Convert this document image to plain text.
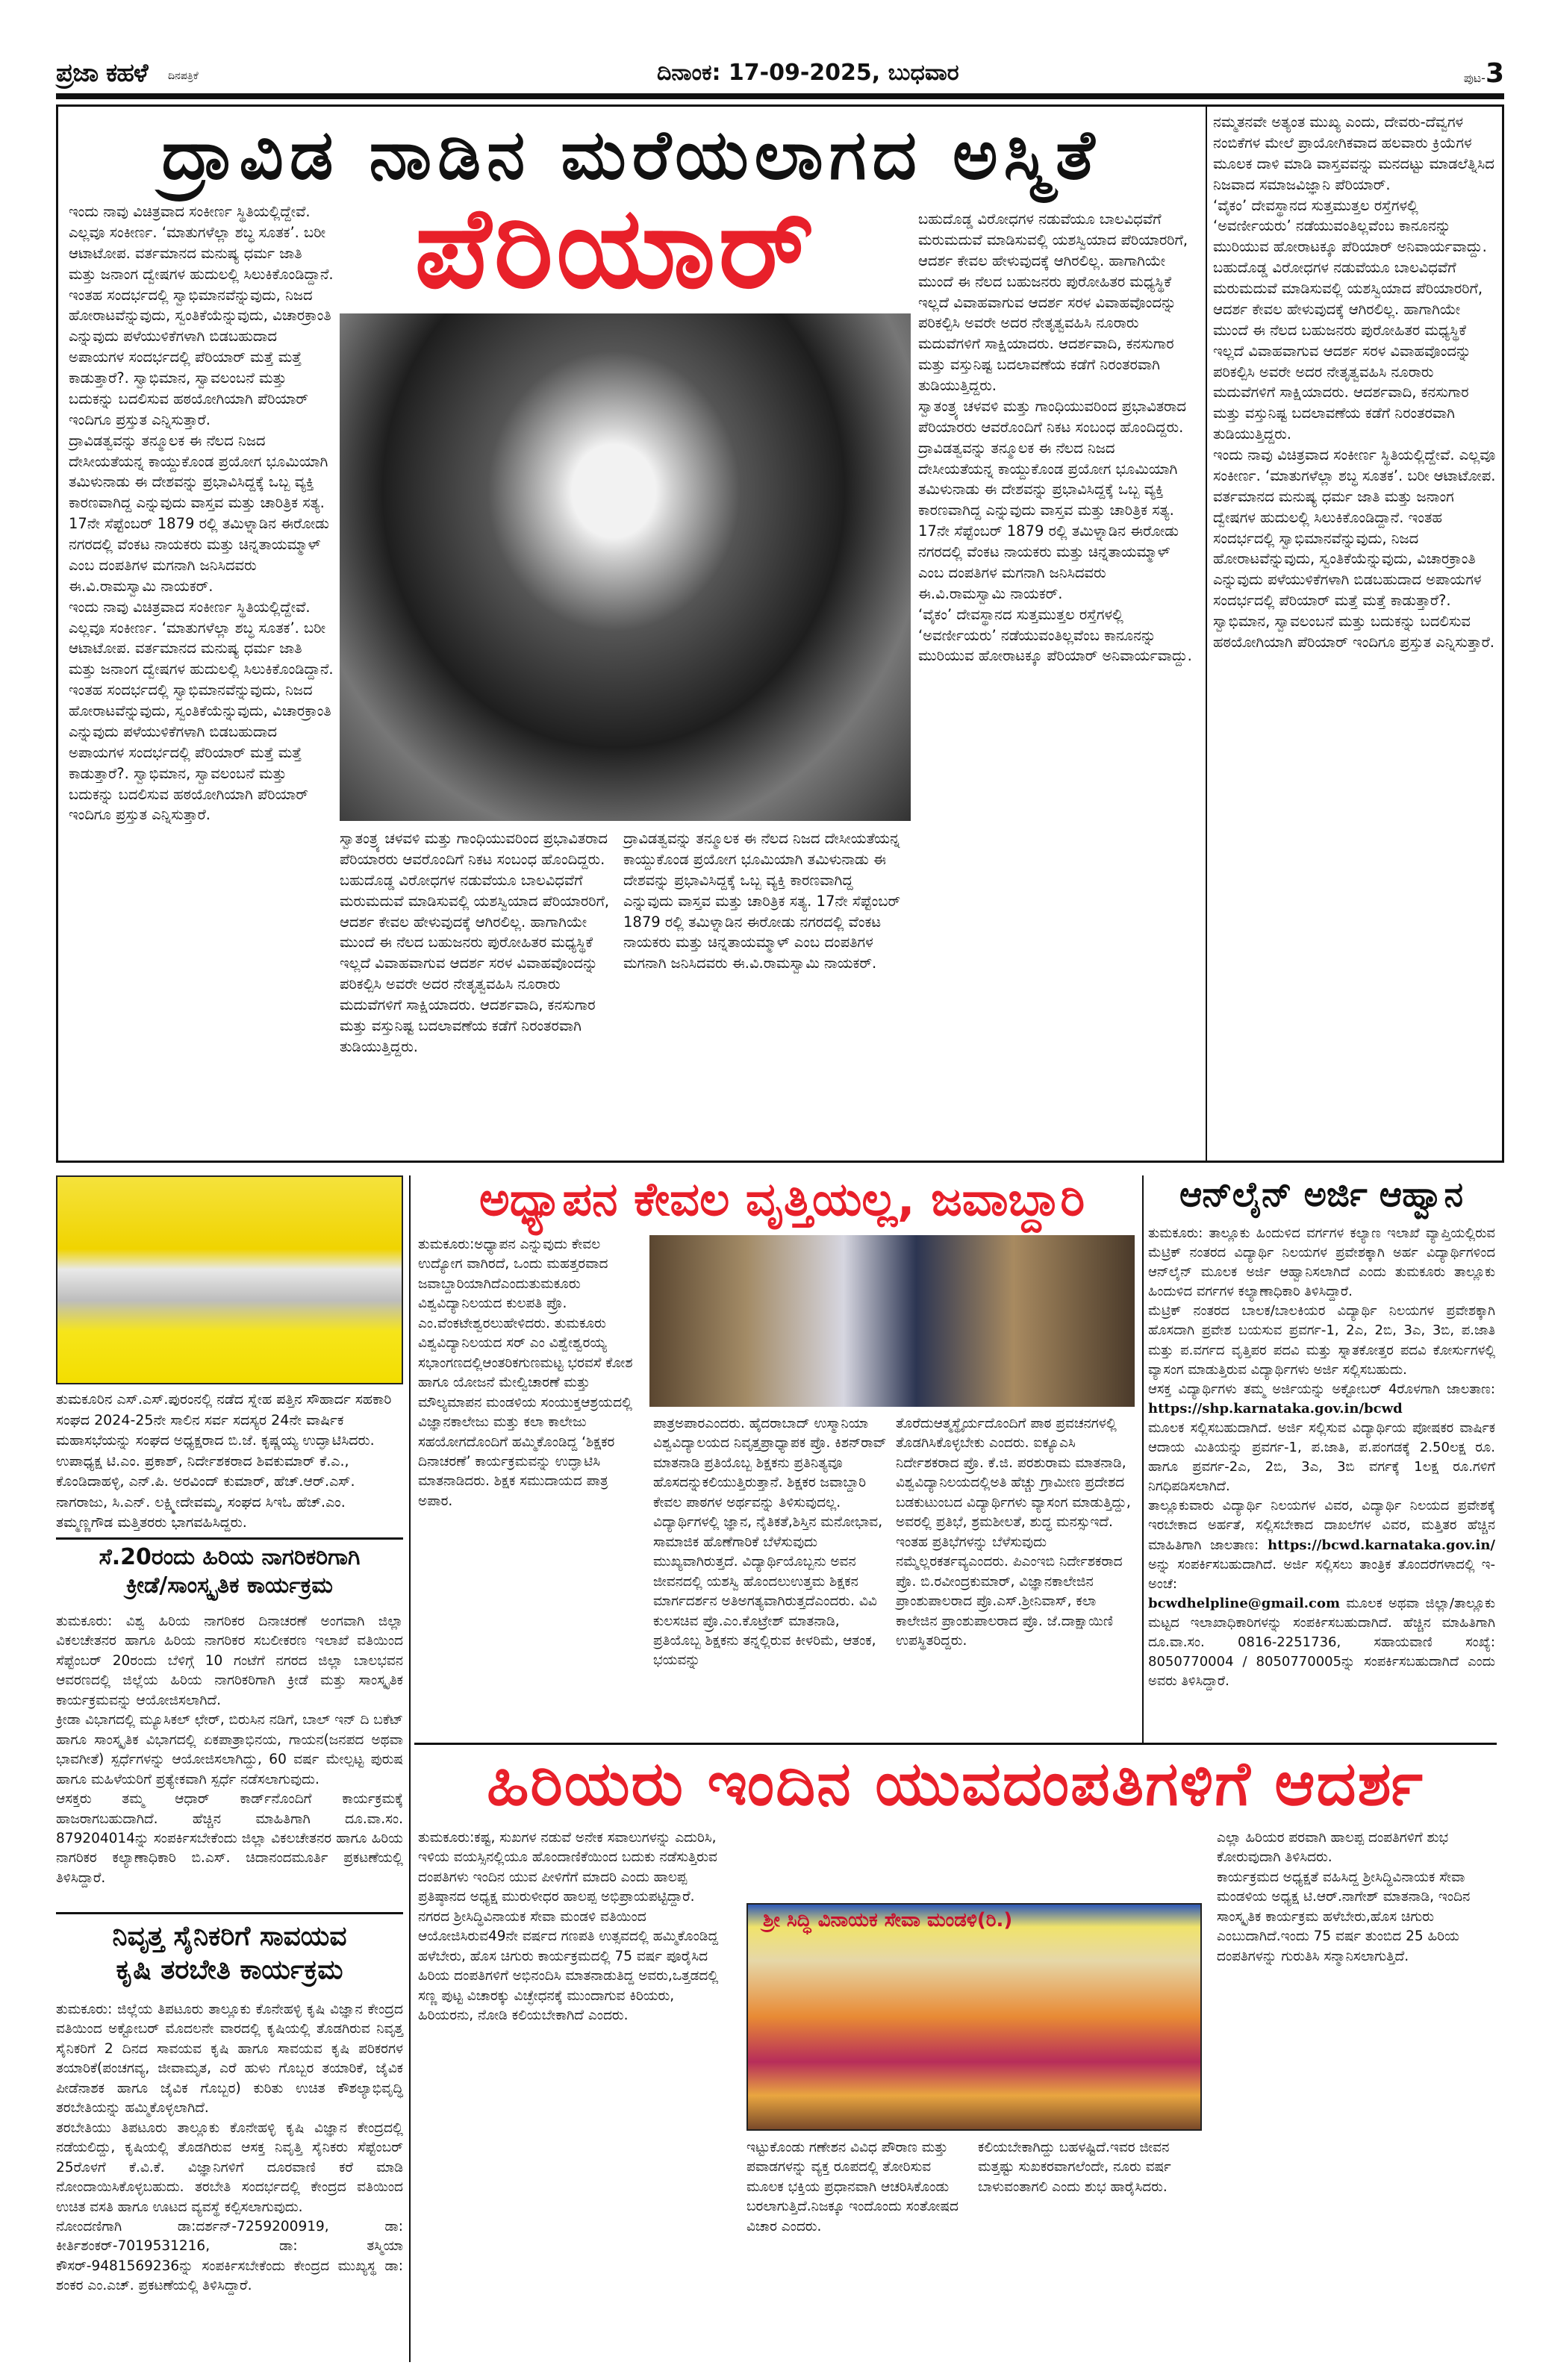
ಪ್ರಜಾ ಕಹಳೆ ದಿನಪತ್ರಿಕೆ	ದಿನಾಂಕ: 17-09-2025, ಬುಧವಾರ	ಪುಟ-3
ದ್ರಾವಿಡ ನಾಡಿನ ಮರೆಯಲಾಗದ ಅಸ್ಮಿತೆ
ಪೆರಿಯಾರ್

ಇಂದು ನಾವು ವಿಚಿತ್ರವಾದ ಸಂಕೀರ್ಣ ಸ್ಥಿತಿಯಲ್ಲಿದ್ದೇವೆ. ಎಲ್ಲವೂ ಸಂಕೀರ್ಣ. ‘ಮಾತುಗಳೆಲ್ಲಾ ಶಬ್ಧ ಸೂತಕ’. ಬರೀ ಆಟಾಟೋಪ. ವರ್ತಮಾನದ ಮನುಷ್ಯ ಧರ್ಮ ಜಾತಿ ಮತ್ತು ಜನಾಂಗ ದ್ವೇಷಗಳ ಹುದುಲಲ್ಲಿ ಸಿಲುಕಿಕೊಂಡಿದ್ದಾನೆ. ಇಂತಹ ಸಂದರ್ಭದಲ್ಲಿ ಸ್ವಾಭಿಮಾನವೆನ್ನುವುದು, ನಿಜದ ಹೋರಾಟವೆನ್ನುವುದು, ಸ್ವಂತಿಕೆಯೆನ್ನುವುದು, ವಿಚಾರಕ್ರಾಂತಿ ಎನ್ನುವುದು ಪಳೆಯುಳಿಕೆಗಳಾಗಿ ಬಿಡಬಹುದಾದ ಅಪಾಯಗಳ ಸಂದರ್ಭದಲ್ಲಿ ಪೆರಿಯಾರ್ ಮತ್ತೆ ಮತ್ತೆ ಕಾಡುತ್ತಾರೆ?. ಸ್ವಾಭಿಮಾನ, ಸ್ವಾವಲಂಬನೆ ಮತ್ತು ಬದುಕನ್ನು ಬದಲಿಸುವ ಹಠಯೋಗಿಯಾಗಿ ಪೆರಿಯಾರ್ ಇಂದಿಗೂ ಪ್ರಸ್ತುತ ಎನ್ನಿಸುತ್ತಾರೆ.

ದ್ರಾವಿಡತ್ವವನ್ನು ತನ್ಮೂಲಕ ಈ ನೆಲದ ನಿಜದ ದೇಸೀಯತೆಯನ್ನ ಕಾಯ್ದುಕೊಂಡ ಪ್ರಯೋಗ ಭೂಮಿಯಾಗಿ ತಮಿಳುನಾಡು ಈ ದೇಶವನ್ನು ಪ್ರಭಾವಿಸಿದ್ದಕ್ಕೆ ಒಬ್ಬ ವ್ಯಕ್ತಿ ಕಾರಣವಾಗಿದ್ದ ಎನ್ನುವುದು ವಾಸ್ತವ ಮತ್ತು ಚಾರಿತ್ರಿಕ ಸತ್ಯ. 17ನೇ ಸೆಪ್ಟೆಂಬರ್ 1879 ರಲ್ಲಿ ತಮಿಳ್ನಾಡಿನ ಈರೋಡು ನಗರದಲ್ಲಿ ವೆಂಕಟ ನಾಯಕರು ಮತ್ತು ಚಿನ್ನತಾಯಮ್ಮಾಳ್ ಎಂಬ ದಂಪತಿಗಳ ಮಗನಾಗಿ ಜನಿಸಿದವರು ಈ.ವಿ.ರಾಮಸ್ವಾಮಿ ನಾಯಕರ್.

ಇಂದು ನಾವು ವಿಚಿತ್ರವಾದ ಸಂಕೀರ್ಣ ಸ್ಥಿತಿಯಲ್ಲಿದ್ದೇವೆ. ಎಲ್ಲವೂ ಸಂಕೀರ್ಣ. ‘ಮಾತುಗಳೆಲ್ಲಾ ಶಬ್ಧ ಸೂತಕ’. ಬರೀ ಆಟಾಟೋಪ. ವರ್ತಮಾನದ ಮನುಷ್ಯ ಧರ್ಮ ಜಾತಿ ಮತ್ತು ಜನಾಂಗ ದ್ವೇಷಗಳ ಹುದುಲಲ್ಲಿ ಸಿಲುಕಿಕೊಂಡಿದ್ದಾನೆ. ಇಂತಹ ಸಂದರ್ಭದಲ್ಲಿ ಸ್ವಾಭಿಮಾನವೆನ್ನುವುದು, ನಿಜದ ಹೋರಾಟವೆನ್ನುವುದು, ಸ್ವಂತಿಕೆಯೆನ್ನುವುದು, ವಿಚಾರಕ್ರಾಂತಿ ಎನ್ನುವುದು ಪಳೆಯುಳಿಕೆಗಳಾಗಿ ಬಿಡಬಹುದಾದ ಅಪಾಯಗಳ ಸಂದರ್ಭದಲ್ಲಿ ಪೆರಿಯಾರ್ ಮತ್ತೆ ಮತ್ತೆ ಕಾಡುತ್ತಾರೆ?. ಸ್ವಾಭಿಮಾನ, ಸ್ವಾವಲಂಬನೆ ಮತ್ತು ಬದುಕನ್ನು ಬದಲಿಸುವ ಹಠಯೋಗಿಯಾಗಿ ಪೆರಿಯಾರ್ ಇಂದಿಗೂ ಪ್ರಸ್ತುತ ಎನ್ನಿಸುತ್ತಾರೆ.

ಸ್ವಾತಂತ್ರ್ಯ ಚಳವಳಿ ಮತ್ತು ಗಾಂಧಿಯುವರಿಂದ ಪ್ರಭಾವಿತರಾದ ಪೆರಿಯಾರರು ಆವರೊಂದಿಗೆ ನಿಕಟ ಸಂಬಂಧ ಹೊಂದಿದ್ದರು.

ಬಹುದೊಡ್ಡ ವಿರೋಧಗಳ ನಡುವೆಯೂ ಬಾಲವಿಧವೆಗೆ ಮರುಮದುವೆ ಮಾಡಿಸುವಲ್ಲಿ ಯಶಸ್ವಿಯಾದ ಪೆರಿಯಾರರಿಗೆ, ಆದರ್ಶ ಕೇವಲ ಹೇಳುವುದಕ್ಕೆ ಆಗಿರಲಿಲ್ಲ. ಹಾಗಾಗಿಯೇ ಮುಂದೆ ಈ ನೆಲದ ಬಹುಜನರು ಪುರೋಹಿತರ ಮಧ್ಯಸ್ಥಿಕೆ ಇಲ್ಲದೆ ವಿವಾಹವಾಗುವ ಆದರ್ಶ ಸರಳ ವಿವಾಹವೊಂದನ್ನು ಪರಿಕಲ್ಪಿಸಿ ಅವರೇ ಅದರ ನೇತೃತ್ವವಹಿಸಿ ನೂರಾರು ಮದುವೆಗಳಿಗೆ ಸಾಕ್ಷಿಯಾದರು. ಆದರ್ಶವಾದಿ, ಕನಸುಗಾರ ಮತ್ತು ವಸ್ತುನಿಷ್ಟ ಬದಲಾವಣೆಯ ಕಡೆಗೆ ನಿರಂತರವಾಗಿ ತುಡಿಯುತ್ತಿದ್ದರು.

ದ್ರಾವಿಡತ್ವವನ್ನು ತನ್ಮೂಲಕ ಈ ನೆಲದ ನಿಜದ ದೇಸೀಯತೆಯನ್ನ ಕಾಯ್ದುಕೊಂಡ ಪ್ರಯೋಗ ಭೂಮಿಯಾಗಿ ತಮಿಳುನಾಡು ಈ ದೇಶವನ್ನು ಪ್ರಭಾವಿಸಿದ್ದಕ್ಕೆ ಒಬ್ಬ ವ್ಯಕ್ತಿ ಕಾರಣವಾಗಿದ್ದ ಎನ್ನುವುದು ವಾಸ್ತವ ಮತ್ತು ಚಾರಿತ್ರಿಕ ಸತ್ಯ. 17ನೇ ಸೆಪ್ಟೆಂಬರ್ 1879 ರಲ್ಲಿ ತಮಿಳ್ನಾಡಿನ ಈರೋಡು ನಗರದಲ್ಲಿ ವೆಂಕಟ ನಾಯಕರು ಮತ್ತು ಚಿನ್ನತಾಯಮ್ಮಾಳ್ ಎಂಬ ದಂಪತಿಗಳ ಮಗನಾಗಿ ಜನಿಸಿದವರು ಈ.ವಿ.ರಾಮಸ್ವಾಮಿ ನಾಯಕರ್.

ಬಹುದೊಡ್ಡ ವಿರೋಧಗಳ ನಡುವೆಯೂ ಬಾಲವಿಧವೆಗೆ ಮರುಮದುವೆ ಮಾಡಿಸುವಲ್ಲಿ ಯಶಸ್ವಿಯಾದ ಪೆರಿಯಾರರಿಗೆ, ಆದರ್ಶ ಕೇವಲ ಹೇಳುವುದಕ್ಕೆ ಆಗಿರಲಿಲ್ಲ. ಹಾಗಾಗಿಯೇ ಮುಂದೆ ಈ ನೆಲದ ಬಹುಜನರು ಪುರೋಹಿತರ ಮಧ್ಯಸ್ಥಿಕೆ ಇಲ್ಲದೆ ವಿವಾಹವಾಗುವ ಆದರ್ಶ ಸರಳ ವಿವಾಹವೊಂದನ್ನು ಪರಿಕಲ್ಪಿಸಿ ಅವರೇ ಅದರ ನೇತೃತ್ವವಹಿಸಿ ನೂರಾರು ಮದುವೆಗಳಿಗೆ ಸಾಕ್ಷಿಯಾದರು. ಆದರ್ಶವಾದಿ, ಕನಸುಗಾರ ಮತ್ತು ವಸ್ತುನಿಷ್ಟ ಬದಲಾವಣೆಯ ಕಡೆಗೆ ನಿರಂತರವಾಗಿ ತುಡಿಯುತ್ತಿದ್ದರು.

ಸ್ವಾತಂತ್ರ್ಯ ಚಳವಳಿ ಮತ್ತು ಗಾಂಧಿಯುವರಿಂದ ಪ್ರಭಾವಿತರಾದ ಪೆರಿಯಾರರು ಆವರೊಂದಿಗೆ ನಿಕಟ ಸಂಬಂಧ ಹೊಂದಿದ್ದರು.

ದ್ರಾವಿಡತ್ವವನ್ನು ತನ್ಮೂಲಕ ಈ ನೆಲದ ನಿಜದ ದೇಸೀಯತೆಯನ್ನ ಕಾಯ್ದುಕೊಂಡ ಪ್ರಯೋಗ ಭೂಮಿಯಾಗಿ ತಮಿಳುನಾಡು ಈ ದೇಶವನ್ನು ಪ್ರಭಾವಿಸಿದ್ದಕ್ಕೆ ಒಬ್ಬ ವ್ಯಕ್ತಿ ಕಾರಣವಾಗಿದ್ದ ಎನ್ನುವುದು ವಾಸ್ತವ ಮತ್ತು ಚಾರಿತ್ರಿಕ ಸತ್ಯ. 17ನೇ ಸೆಪ್ಟೆಂಬರ್ 1879 ರಲ್ಲಿ ತಮಿಳ್ನಾಡಿನ ಈರೋಡು ನಗರದಲ್ಲಿ ವೆಂಕಟ ನಾಯಕರು ಮತ್ತು ಚಿನ್ನತಾಯಮ್ಮಾಳ್ ಎಂಬ ದಂಪತಿಗಳ ಮಗನಾಗಿ ಜನಿಸಿದವರು ಈ.ವಿ.ರಾಮಸ್ವಾಮಿ ನಾಯಕರ್.

‘ವೈಕಂ’ ದೇವಸ್ಥಾನದ ಸುತ್ತಮುತ್ತಲ ರಸ್ತೆಗಳಲ್ಲಿ ‘ಅವರ್ಣೀಯರು’ ನಡೆಯುವಂತಿಲ್ಲವೆಂಬ ಕಾನೂನನ್ನು ಮುರಿಯುವ ಹೋರಾಟಕ್ಕೂ ಪೆರಿಯಾರ್ ಅನಿವಾರ್ಯವಾದ್ದು.

ನಮ್ಮತನವೇ ಅತ್ಯಂತ ಮುಖ್ಯ ಎಂದು, ದೇವರು-ದೆವ್ವಗಳ ನಂಬಿಕೆಗಳ ಮೇಲೆ ಪ್ರಾಯೋಗಿಕವಾದ ಹಲವಾರು ಕ್ರಿಯೆಗಳ ಮೂಲಕ ದಾಳಿ ಮಾಡಿ ವಾಸ್ತವವನ್ನು ಮನದಟ್ಟು ಮಾಡಲೆತ್ನಿಸಿದ ನಿಜವಾದ ಸಮಾಜವಿಜ್ಞಾನಿ ಪೆರಿಯಾರ್.

‘ವೈಕಂ’ ದೇವಸ್ಥಾನದ ಸುತ್ತಮುತ್ತಲ ರಸ್ತೆಗಳಲ್ಲಿ ‘ಅವರ್ಣೀಯರು’ ನಡೆಯುವಂತಿಲ್ಲವೆಂಬ ಕಾನೂನನ್ನು ಮುರಿಯುವ ಹೋರಾಟಕ್ಕೂ ಪೆರಿಯಾರ್ ಅನಿವಾರ್ಯವಾದ್ದು.

ಬಹುದೊಡ್ಡ ವಿರೋಧಗಳ ನಡುವೆಯೂ ಬಾಲವಿಧವೆಗೆ ಮರುಮದುವೆ ಮಾಡಿಸುವಲ್ಲಿ ಯಶಸ್ವಿಯಾದ ಪೆರಿಯಾರರಿಗೆ, ಆದರ್ಶ ಕೇವಲ ಹೇಳುವುದಕ್ಕೆ ಆಗಿರಲಿಲ್ಲ. ಹಾಗಾಗಿಯೇ ಮುಂದೆ ಈ ನೆಲದ ಬಹುಜನರು ಪುರೋಹಿತರ ಮಧ್ಯಸ್ಥಿಕೆ ಇಲ್ಲದೆ ವಿವಾಹವಾಗುವ ಆದರ್ಶ ಸರಳ ವಿವಾಹವೊಂದನ್ನು ಪರಿಕಲ್ಪಿಸಿ ಅವರೇ ಅದರ ನೇತೃತ್ವವಹಿಸಿ ನೂರಾರು ಮದುವೆಗಳಿಗೆ ಸಾಕ್ಷಿಯಾದರು. ಆದರ್ಶವಾದಿ, ಕನಸುಗಾರ ಮತ್ತು ವಸ್ತುನಿಷ್ಟ ಬದಲಾವಣೆಯ ಕಡೆಗೆ ನಿರಂತರವಾಗಿ ತುಡಿಯುತ್ತಿದ್ದರು.

ಇಂದು ನಾವು ವಿಚಿತ್ರವಾದ ಸಂಕೀರ್ಣ ಸ್ಥಿತಿಯಲ್ಲಿದ್ದೇವೆ. ಎಲ್ಲವೂ ಸಂಕೀರ್ಣ. ‘ಮಾತುಗಳೆಲ್ಲಾ ಶಬ್ಧ ಸೂತಕ’. ಬರೀ ಆಟಾಟೋಪ. ವರ್ತಮಾನದ ಮನುಷ್ಯ ಧರ್ಮ ಜಾತಿ ಮತ್ತು ಜನಾಂಗ ದ್ವೇಷಗಳ ಹುದುಲಲ್ಲಿ ಸಿಲುಕಿಕೊಂಡಿದ್ದಾನೆ. ಇಂತಹ ಸಂದರ್ಭದಲ್ಲಿ ಸ್ವಾಭಿಮಾನವೆನ್ನುವುದು, ನಿಜದ ಹೋರಾಟವೆನ್ನುವುದು, ಸ್ವಂತಿಕೆಯೆನ್ನುವುದು, ವಿಚಾರಕ್ರಾಂತಿ ಎನ್ನುವುದು ಪಳೆಯುಳಿಕೆಗಳಾಗಿ ಬಿಡಬಹುದಾದ ಅಪಾಯಗಳ ಸಂದರ್ಭದಲ್ಲಿ ಪೆರಿಯಾರ್ ಮತ್ತೆ ಮತ್ತೆ ಕಾಡುತ್ತಾರೆ?. ಸ್ವಾಭಿಮಾನ, ಸ್ವಾವಲಂಬನೆ ಮತ್ತು ಬದುಕನ್ನು ಬದಲಿಸುವ ಹಠಯೋಗಿಯಾಗಿ ಪೆರಿಯಾರ್ ಇಂದಿಗೂ ಪ್ರಸ್ತುತ ಎನ್ನಿಸುತ್ತಾರೆ.

ತುಮಕೂರಿನ ಎಸ್.ಎಸ್.ಪುರಂನಲ್ಲಿ ನಡೆದ ಸ್ನೇಹ ಪತ್ತಿನ ಸೌಹಾರ್ದ ಸಹಕಾರಿ ಸಂಘದ 2024-25ನೇ ಸಾಲಿನ ಸರ್ವ ಸದಸ್ಯರ 24ನೇ ವಾರ್ಷಿಕ ಮಹಾಸಭೆಯನ್ನು ಸಂಘದ ಅಧ್ಯಕ್ಷರಾದ ಬಿ.ಜೆ. ಕೃಷ್ಣಯ್ಯ ಉದ್ಘಾಟಿಸಿದರು. ಉಪಾಧ್ಯಕ್ಷ ಟಿ.ಎಂ. ಪ್ರಕಾಶ್, ನಿರ್ದೇಶಕರಾದ ಶಿವಕುಮಾರ್ ಕೆ.ಎ., ಕೊಂಡಿದಾಹಳ್ಳಿ, ಎನ್.ಪಿ. ಅರವಿಂದ್ ಕುಮಾರ್, ಹೆಚ್.ಆರ್.ಎಸ್. ನಾಗರಾಜು, ಸಿ.ಎನ್. ಲಕ್ಷ್ಮೀದೇವಮ್ಮ, ಸಂಘದ ಸಿಇಓ ಹೆಚ್.ಎಂ. ತಮ್ಮಣ್ಣಗೌಡ ಮತ್ತಿತರರು ಭಾಗವಹಿಸಿದ್ದರು.
ಸೆ.20ರಂದು ಹಿರಿಯ ನಾಗರಿಕರಿಗಾಗಿ
ಕ್ರೀಡೆ/ಸಾಂಸ್ಕೃತಿಕ ಕಾರ್ಯಕ್ರಮ

ತುಮಕೂರು: ವಿಶ್ವ ಹಿರಿಯ ನಾಗರಿಕರ ದಿನಾಚರಣೆ ಅಂಗವಾಗಿ ಜಿಲ್ಲಾ ವಿಕಲಚೇತನರ ಹಾಗೂ ಹಿರಿಯ ನಾಗರಿಕರ ಸಬಲೀಕರಣ ಇಲಾಖೆ ವತಿಯಿಂದ ಸೆಪ್ಟೆಂಬರ್ 20ರಂದು ಬೆಳಿಗ್ಗೆ 10 ಗಂಟೆಗೆ ನಗರದ ಜಿಲ್ಲಾ ಬಾಲಭವನ ಆವರಣದಲ್ಲಿ ಜಿಲ್ಲೆಯ ಹಿರಿಯ ನಾಗರಿಕರಿಗಾಗಿ ಕ್ರೀಡೆ ಮತ್ತು ಸಾಂಸ್ಕೃತಿಕ ಕಾರ್ಯಕ್ರಮವನ್ನು ಆಯೋಜಿಸಲಾಗಿದೆ.

ಕ್ರೀಡಾ ವಿಭಾಗದಲ್ಲಿ ಮ್ಯೂಸಿಕಲ್ ಛೇರ್, ಬಿರುಸಿನ ನಡಿಗೆ, ಬಾಲ್ ಇನ್ ದಿ ಬಕೆಟ್ ಹಾಗೂ ಸಾಂಸ್ಕೃತಿಕ ವಿಭಾಗದಲ್ಲಿ ಏಕಪಾತ್ರಾಭಿನಯ, ಗಾಯನ(ಜನಪದ ಅಥವಾ ಭಾವಗೀತೆ) ಸ್ಪರ್ಧೆಗಳನ್ನು ಆಯೋಜಿಸಲಾಗಿದ್ದು, 60 ವರ್ಷ ಮೇಲ್ಪಟ್ಟ ಪುರುಷ ಹಾಗೂ ಮಹಿಳೆಯರಿಗೆ ಪ್ರತ್ಯೇಕವಾಗಿ ಸ್ಪರ್ಧೆ ನಡೆಸಲಾಗುವುದು.

ಆಸಕ್ತರು ತಮ್ಮ ಆಧಾರ್ ಕಾರ್ಡ್‌ನೊಂದಿಗೆ ಕಾರ್ಯಕ್ರಮಕ್ಕೆ ಹಾಜರಾಗಬಹುದಾಗಿದೆ. ಹೆಚ್ಚಿನ ಮಾಹಿತಿಗಾಗಿ ದೂ.ವಾ.ಸಂ. 879204014ನ್ನು ಸಂಪರ್ಕಿಸಬೇಕೆಂದು ಜಿಲ್ಲಾ ವಿಕಲಚೇತನರ ಹಾಗೂ ಹಿರಿಯ ನಾಗರಿಕರ ಕಲ್ಯಾಣಾಧಿಕಾರಿ ಬಿ.ಎಸ್. ಚಿದಾನಂದಮೂರ್ತಿ ಪ್ರಕಟಣೆಯಲ್ಲಿ ತಿಳಿಸಿದ್ದಾರೆ.

ನಿವೃತ್ತ ಸೈನಿಕರಿಗೆ ಸಾವಯವ
ಕೃಷಿ ತರಬೇತಿ ಕಾರ್ಯಕ್ರಮ

ತುಮಕೂರು: ಜಿಲ್ಲೆಯ ತಿಪಟೂರು ತಾಲ್ಲೂಕು ಕೊನೇಹಳ್ಳಿ ಕೃಷಿ ವಿಜ್ಞಾನ ಕೇಂದ್ರದ ವತಿಯಿಂದ ಅಕ್ಟೋಬರ್ ಮೊದಲನೇ ವಾರದಲ್ಲಿ ಕೃಷಿಯಲ್ಲಿ ತೊಡಗಿರುವ ನಿವೃತ್ತ ಸೈನಿಕರಿಗೆ 2 ದಿನದ ಸಾವಯವ ಕೃಷಿ ಹಾಗೂ ಸಾವಯವ ಕೃಷಿ ಪರಿಕರಗಳ ತಯಾರಿಕೆ(ಪಂಚಗವ್ಯ, ಜೀವಾಮೃತ, ಎರೆ ಹುಳು ಗೊಬ್ಬರ ತಯಾರಿಕೆ, ಜೈವಿಕ ಪೀಡೆನಾಶಕ ಹಾಗೂ ಜೈವಿಕ ಗೊಬ್ಬರ) ಕುರಿತು ಉಚಿತ ಕೌಶಲ್ಯಾಭಿವೃದ್ಧಿ ತರಬೇತಿಯನ್ನು ಹಮ್ಮಿಕೊಳ್ಳಲಾಗಿದೆ.

ತರಬೇತಿಯು ತಿಪಟೂರು ತಾಲ್ಲೂಕು ಕೊನೇಹಳ್ಳಿ ಕೃಷಿ ವಿಜ್ಞಾನ ಕೇಂದ್ರದಲ್ಲಿ ನಡೆಯಲಿದ್ದು, ಕೃಷಿಯಲ್ಲಿ ತೊಡಗಿರುವ ಆಸಕ್ತ ನಿವೃತ್ತಿ ಸೈನಿಕರು ಸೆಪ್ಟೆಂಬರ್ 25ರೊಳಗೆ ಕೆ.ವಿ.ಕೆ. ವಿಜ್ಞಾನಿಗಳಿಗೆ ದೂರವಾಣಿ ಕರೆ ಮಾಡಿ ನೋಂದಾಯಿಸಿಕೊಳ್ಳಬಹುದು. ತರಬೇತಿ ಸಂದರ್ಭದಲ್ಲಿ ಕೇಂದ್ರದ ವತಿಯಿಂದ ಉಚಿತ ವಸತಿ ಹಾಗೂ ಊಟದ ವ್ಯವಸ್ಥೆ ಕಲ್ಪಿಸಲಾಗುವುದು.

ನೋಂದಣಿಗಾಗಿ ಡಾ:ದರ್ಶನ್-7259200919, ಡಾ: ಕೀರ್ತಿಶಂಕರ್-7019531216, ಡಾ: ತಸ್ಮಿಯಾ ಕೌಸರ್-9481569236ನ್ನು ಸಂಪರ್ಕಿಸಬೇಕೆಂದು ಕೇಂದ್ರದ ಮುಖ್ಯಸ್ಥ ಡಾ: ಶಂಕರ ಎಂ.ಎಚ್. ಪ್ರಕಟಣೆಯಲ್ಲಿ ತಿಳಿಸಿದ್ದಾರೆ.

ಅಧ್ಯಾಪನ ಕೇವಲ ವೃತ್ತಿಯಲ್ಲ, ಜವಾಬ್ದಾರಿ
ತುಮಕೂರು:ಅಧ್ಯಾಪನ ಎನ್ನುವುದು ಕೇವಲ ಉದ್ಯೋಗ ವಾಗಿರದೆ, ಒಂದು ಮಹತ್ತರವಾದ ಜವಾಬ್ದಾರಿಯಾಗಿದೆಎಂದುತುಮಕೂರು ವಿಶ್ವವಿದ್ಯಾನಿಲಯದ ಕುಲಪತಿ ಪ್ರೊ. ಎಂ.ವೆಂಕಟೇಶ್ವರಲುಹೇಳಿದರು. ತುಮಕೂರು ವಿಶ್ವವಿದ್ಯಾನಿಲಯದ ಸರ್ ಎಂ ವಿಶ್ವೇಶ್ವರಯ್ಯ ಸಭಾಂಗಣದಲ್ಲಿಆಂತರಿಕಗುಣಮಟ್ಟ ಭರವಸೆ ಕೋಶ ಹಾಗೂ ಯೋಜನೆ ಮೇಲ್ವಿಚಾರಣೆ ಮತ್ತು ಮೌಲ್ಯಮಾಪನ ಮಂಡಳಿಯ ಸಂಯುಕ್ತಆಶ್ರಯದಲ್ಲಿ ವಿಜ್ಞಾನಕಾಲೇಜು ಮತ್ತು ಕಲಾ ಕಾಲೇಜು ಸಹಯೋಗದೊಂದಿಗೆ ಹಮ್ಮಿಕೊಂಡಿದ್ದ ‘ಶಿಕ್ಷಕರ ದಿನಾಚರಣೆ’ ಕಾರ್ಯಕ್ರಮವನ್ನು ಉದ್ಘಾಟಿಸಿ ಮಾತನಾಡಿದರು. ಶಿಕ್ಷಕ ಸಮುದಾಯದ ಪಾತ್ರ ಅಪಾರ.
ಪಾತ್ರಅಪಾರಎಂದರು. ಹೈದರಾಬಾದ್ ಉಸ್ಮಾನಿಯಾ ವಿಶ್ವವಿದ್ಯಾಲಯದ ನಿವೃತ್ತಪ್ರಾಧ್ಯಾಪಕ ಪ್ರೊ. ಕಿಶನ್‌ರಾವ್ ಮಾತನಾಡಿ ಪ್ರತಿಯೊಬ್ಬ ಶಿಕ್ಷಕನು ಪ್ರತಿನಿತ್ಯವೂ ಹೊಸದನ್ನುಕಲಿಯುತ್ತಿರುತ್ತಾನೆ. ಶಿಕ್ಷಕರ ಜವಾಬ್ದಾರಿ ಕೇವಲ ಪಾಠಗಳ ಅರ್ಥವನ್ನು ತಿಳಿಸುವುದಲ್ಲ. ವಿದ್ಯಾರ್ಥಿಗಳಲ್ಲಿ ಜ್ಞಾನ, ನೈತಿಕತೆ,ಶಿಸ್ತಿನ ಮನೋಭಾವ, ಸಾಮಾಜಿಕ ಹೊಣೆಗಾರಿಕೆ ಬೆಳೆಸುವುದು ಮುಖ್ಯವಾಗಿರುತ್ತದೆ. ವಿದ್ಯಾರ್ಥಿಯೊಬ್ಬನು ಅವನ ಜೀವನದಲ್ಲಿ ಯಶಸ್ವಿ ಹೊಂದಲುಉತ್ತಮ ಶಿಕ್ಷಕನ ಮಾರ್ಗದರ್ಶನ ಅತಿಅಗತ್ಯವಾಗಿರುತ್ತದೆಎಂದರು. ವಿವಿ ಕುಲಸಚಿವ ಪ್ರೊ.ಎಂ.ಕೊಟ್ರೇಶ್ ಮಾತನಾಡಿ, ಪ್ರತಿಯೊಬ್ಬ ಶಿಕ್ಷಕನು ತನ್ನಲ್ಲಿರುವ ಕೀಳರಿಮೆ, ಆತಂಕ, ಭಯವನ್ನು
ತೊರೆದುಆತ್ಮಸ್ಥೈರ್ಯದೊಂದಿಗೆ ಪಾಠ ಪ್ರವಚನಗಳಲ್ಲಿ ತೊಡಗಿಸಿಕೊಳ್ಳಬೇಕು ಎಂದರು. ಐಕ್ಯೂಎಸಿ ನಿರ್ದೇಶಕರಾದ ಪ್ರೊ. ಕೆ.ಜಿ. ಪರಶುರಾಮ ಮಾತನಾಡಿ, ವಿಶ್ವವಿದ್ಯಾನಿಲಯದಲ್ಲಿಅತಿ ಹೆಚ್ಚು ಗ್ರಾಮೀಣ ಪ್ರದೇಶದ ಬಡಕುಟುಂಬದ ವಿದ್ಯಾರ್ಥಿಗಳು ವ್ಯಾಸಂಗ ಮಾಡುತ್ತಿದ್ದು, ಅವರಲ್ಲಿ ಪ್ರತಿಭೆ, ಶ್ರಮಶೀಲತೆ, ಶುದ್ಧ ಮನಸ್ಸುಇದೆ. ಇಂತಹ ಪ್ರತಿಭೆಗಳನ್ನು ಬೆಳೆಸುವುದು ನಮ್ಮೆಲ್ಲರಕರ್ತವ್ಯಎಂದರು. ಪಿಎಂಇಬಿ ನಿರ್ದೇಶಕರಾದ ಪ್ರೊ. ಬಿ.ರವೀಂದ್ರಕುಮಾರ್, ವಿಜ್ಞಾನಕಾಲೇಜಿನ ಪ್ರಾಂಶುಪಾಲರಾದ ಪ್ರೊ.ಎಸ್.ಶ್ರೀನಿವಾಸ್, ಕಲಾ ಕಾಲೇಜಿನ ಪ್ರಾಂಶುಪಾಲರಾದ ಪ್ರೊ. ಜೆ.ದಾಕ್ಷಾಯಿಣಿ ಉಪಸ್ಥಿತರಿದ್ದರು.
ಆನ್‌ಲೈನ್ ಅರ್ಜಿ ಆಹ್ವಾನ

ತುಮಕೂರು: ತಾಲ್ಲೂಕು ಹಿಂದುಳಿದ ವರ್ಗಗಳ ಕಲ್ಯಾಣ ಇಲಾಖೆ ವ್ಯಾಪ್ತಿಯಲ್ಲಿರುವ ಮೆಟ್ರಿಕ್ ನಂತರದ ವಿದ್ಯಾರ್ಥಿ ನಿಲಯಗಳ ಪ್ರವೇಶಕ್ಕಾಗಿ ಅರ್ಹ ವಿದ್ಯಾರ್ಥಿಗಳಿಂದ ಆನ್‌ಲೈನ್ ಮೂಲಕ ಅರ್ಜಿ ಆಹ್ವಾನಿಸಲಾಗಿದೆ ಎಂದು ತುಮಕೂರು ತಾಲ್ಲೂಕು ಹಿಂದುಳಿದ ವರ್ಗಗಳ ಕಲ್ಯಾಣಾಧಿಕಾರಿ ತಿಳಿಸಿದ್ದಾರೆ.

ಮೆಟ್ರಿಕ್ ನಂತರದ ಬಾಲಕ/ಬಾಲಕಿಯರ ವಿದ್ಯಾರ್ಥಿ ನಿಲಯಗಳ ಪ್ರವೇಶಕ್ಕಾಗಿ ಹೊಸದಾಗಿ ಪ್ರವೇಶ ಬಯಸುವ ಪ್ರವರ್ಗ-1, 2ಎ, 2ಬಿ, 3ಎ, 3ಬಿ, ಪ.ಜಾತಿ ಮತ್ತು ಪ.ವರ್ಗದ ವೃತ್ತಿಪರ ಪದವಿ ಮತ್ತು ಸ್ನಾತಕೋತ್ತರ ಪದವಿ ಕೋರ್ಸುಗಳಲ್ಲಿ ವ್ಯಾಸಂಗ ಮಾಡುತ್ತಿರುವ ವಿದ್ಯಾರ್ಥಿಗಳು ಅರ್ಜಿ ಸಲ್ಲಿಸಬಹುದು.

ಆಸಕ್ತ ವಿದ್ಯಾರ್ಥಿಗಳು ತಮ್ಮ ಅರ್ಜಿಯನ್ನು ಅಕ್ಟೋಬರ್ 4ರೊಳಗಾಗಿ ಜಾಲತಾಣ: https://shp.karnataka.gov.in/bcwd

ಮೂಲಕ ಸಲ್ಲಿಸಬಹುದಾಗಿದೆ. ಅರ್ಜಿ ಸಲ್ಲಿಸುವ ವಿದ್ಯಾರ್ಥಿಯ ಪೋಷಕರ ವಾರ್ಷಿಕ ಆದಾಯ ಮಿತಿಯನ್ನು ಪ್ರವರ್ಗ-1, ಪ.ಜಾತಿ, ಪ.ಪಂಗಡಕ್ಕೆ 2.50ಲಕ್ಷ ರೂ. ಹಾಗೂ ಪ್ರವರ್ಗ-2ಎ, 2ಬಿ, 3ಎ, 3ಬಿ ವರ್ಗಕ್ಕೆ 1ಲಕ್ಷ ರೂ.ಗಳಿಗೆ ನಿಗಧಿಪಡಿಸಲಾಗಿದೆ.

ತಾಲ್ಲೂಕುವಾರು ವಿದ್ಯಾರ್ಥಿ ನಿಲಯಗಳ ವಿವರ, ವಿದ್ಯಾರ್ಥಿ ನಿಲಯದ ಪ್ರವೇಶಕ್ಕೆ ಇರಬೇಕಾದ ಅರ್ಹತೆ, ಸಲ್ಲಿಸಬೇಕಾದ ದಾಖಲೆಗಳ ವಿವರ, ಮತ್ತಿತರ ಹೆಚ್ಚಿನ ಮಾಹಿತಿಗಾಗಿ ಜಾಲತಾಣ: https://bcwd.karnataka.gov.in/ ಅನ್ನು ಸಂಪರ್ಕಿಸಬಹುದಾಗಿದೆ. ಅರ್ಜಿ ಸಲ್ಲಿಸಲು ತಾಂತ್ರಿಕ ತೊಂದರೆಗಳಾದಲ್ಲಿ ಇ-ಅಂಚೆ:

bcwdhelpline@gmail.com ಮೂಲಕ ಅಥವಾ ಜಿಲ್ಲಾ/ತಾಲ್ಲೂಕು ಮಟ್ಟದ ಇಲಾಖಾಧಿಕಾರಿಗಳನ್ನು ಸಂಪರ್ಕಿಸಬಹುದಾಗಿದೆ. ಹೆಚ್ಚಿನ ಮಾಹಿತಿಗಾಗಿ ದೂ.ವಾ.ಸಂ. 0816-2251736, ಸಹಾಯವಾಣಿ ಸಂಖ್ಯೆ: 8050770004 / 8050770005ನ್ನು ಸಂಪರ್ಕಿಸಬಹುದಾಗಿದೆ ಎಂದು ಅವರು ತಿಳಿಸಿದ್ದಾರೆ.

ಹಿರಿಯರು ಇಂದಿನ ಯುವದಂಪತಿಗಳಿಗೆ ಆದರ್ಶ

ತುಮಕೂರು:ಕಷ್ಟ, ಸುಖಗಳ ನಡುವೆ ಅನೇಕ ಸವಾಲುಗಳನ್ನು ಎದುರಿಸಿ, ಇಳಿಯ ವಯಸ್ಸಿನಲ್ಲಿಯೂ ಹೊಂದಾಣಿಕೆಯಿಂದ ಬದುಕು ನಡೆಸುತ್ತಿರುವ ದಂಪತಿಗಳು ಇಂದಿನ ಯುವ ಪೀಳಿಗೆಗೆ ಮಾದರಿ ಎಂದು ಹಾಲಪ್ಪ ಪ್ರತಿಷ್ಠಾನದ ಅಧ್ಯಕ್ಷ ಮುರುಳೀಧರ ಹಾಲಪ್ಪ ಅಭಿಪ್ರಾಯಪಟ್ಟಿದ್ದಾರೆ.

ನಗರದ ಶ್ರೀಸಿದ್ಧಿವಿನಾಯಕ ಸೇವಾ ಮಂಡಳಿ ವತಿಯಿಂದ ಆಯೋಜಿಸಿರುವ49ನೇ ವರ್ಷದ ಗಣಪತಿ ಉತ್ಸವದಲ್ಲಿ ಹಮ್ಮಿಕೊಂಡಿದ್ದ ಹಳೆಬೇರು, ಹೊಸ ಚಿಗುರು ಕಾರ್ಯಕ್ರಮದಲ್ಲಿ 75 ವರ್ಷ ಪೂರೈಸಿದ ಹಿರಿಯ ದಂಪತಿಗಳಿಗೆ ಅಭಿನಂದಿಸಿ ಮಾತನಾಡುತಿದ್ದ ಅವರು,ಒತ್ತಡದಲ್ಲಿ ಸಣ್ಣ ಪುಟ್ಟ ವಿಚಾರಕ್ಕು ವಿಚ್ಛೇಧನಕ್ಕೆ ಮುಂದಾಗುವ ಕಿರಿಯರು, ಹಿರಿಯರನು, ನೋಡಿ ಕಲಿಯಬೇಕಾಗಿದೆ ಎಂದರು.

ಶ್ರೀ ಸಿದ್ಧಿ ವಿನಾಯಕ ಸೇವಾ ಮಂಡಳಿ(ರಿ.)
ಇಟ್ಟುಕೊಂಡು ಗಣೇಶನ ವಿವಿಧ ಪೌರಾಣ ಮತ್ತು ಪವಾಡಗಳನ್ನು ವ್ಯಕ್ತ ರೂಪದಲ್ಲಿ ತೋರಿಸುವ ಮೂಲಕ ಭಕ್ತಿಯ ಪ್ರಧಾನವಾಗಿ ಆಚರಿಸಿಕೊಂಡು ಬರಲಾಗುತ್ತಿದೆ.ನಿಜಕ್ಕೂ ಇಂದೊಂದು ಸಂತೋಷದ ವಿಚಾರ ಎಂದರು.
ಕಲಿಯಬೇಕಾಗಿದ್ದು ಬಹಳಷ್ಟಿದೆ.ಇವರ ಜೀವನ ಮತ್ತಷ್ಟು ಸುಖಕರವಾಗಲೆಂದೇ, ನೂರು ವರ್ಷ ಬಾಳುವಂತಾಗಲಿ ಎಂದು ಶುಭ ಹಾರೈಸಿದರು.

ಎಲ್ಲಾ ಹಿರಿಯರ ಪರವಾಗಿ ಹಾಲಪ್ಪ ದಂಪತಿಗಳಿಗೆ ಶುಭ ಕೋರುವುದಾಗಿ ತಿಳಿಸಿದರು.

ಕಾರ್ಯಕ್ರಮದ ಅಧ್ಯಕ್ಷತೆ ವಹಿಸಿದ್ದ ಶ್ರೀಸಿದ್ಧಿವಿನಾಯಕ ಸೇವಾ ಮಂಡಳಿಯ ಅಧ್ಯಕ್ಷ ಟಿ.ಆರ್.ನಾಗೇಶ್ ಮಾತನಾಡಿ, ಇಂದಿನ ಸಾಂಸ್ಕೃತಿಕ ಕಾರ್ಯಕ್ರಮ ಹಳೆಬೇರು,ಹೊಸ ಚಿಗುರು ಎಂಬುದಾಗಿದೆ.ಇಂದು 75 ವರ್ಷ ತುಂಬಿದ 25 ಹಿರಿಯ ದಂಪತಿಗಳನ್ನು ಗುರುತಿಸಿ ಸನ್ಮಾನಿಸಲಾಗುತ್ತಿದೆ.
